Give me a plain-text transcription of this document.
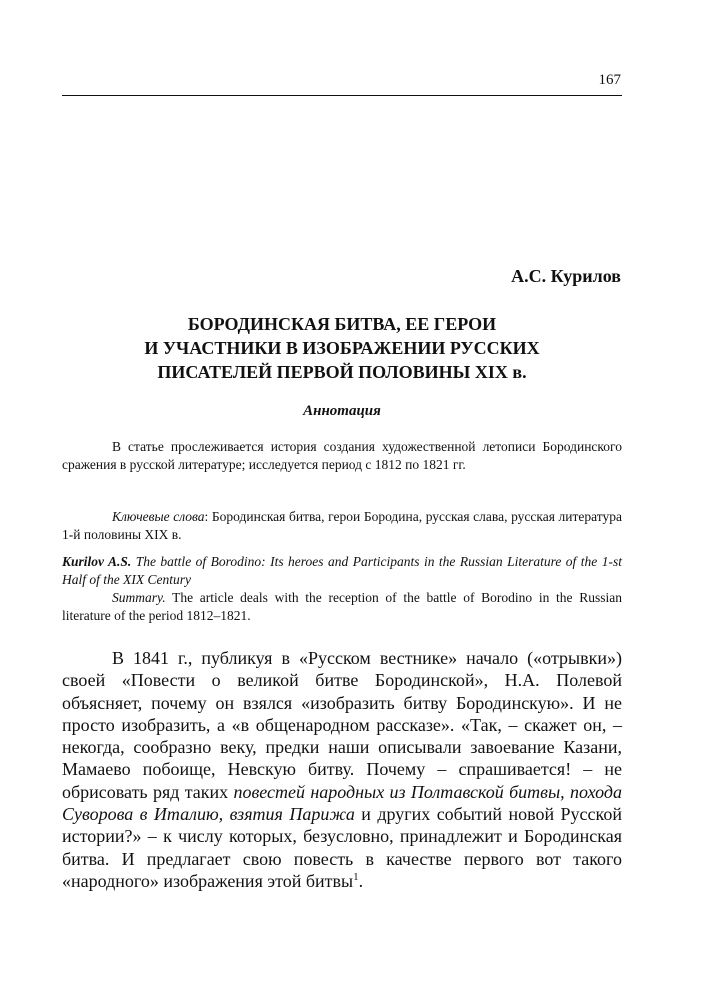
167
А.С. Курилов
БОРОДИНСКАЯ БИТВА, ЕЕ ГЕРОИ
И УЧАСТНИКИ В ИЗОБРАЖЕНИИ РУССКИХ
ПИСАТЕЛЕЙ ПЕРВОЙ ПОЛОВИНЫ XIX в.
Аннотация
В статье прослеживается история создания художественной летописи Бородинского сражения в русской литературе; исследуется период с 1812 по 1821 гг.
Ключевые слова: Бородинская битва, герои Бородина, русская слава, русская литература 1-й половины XIX в.
Kurilov A.S. The battle of Borodino: Its heroes and Participants in the Russian Literature of the 1-st Half of the XIX Century
Summary. The article deals with the reception of the battle of Borodino in the Russian literature of the period 1812–1821.

В 1841 г., публикуя в «Русском вестнике» начало («отрывки») своей «Повести о великой битве Бородинской», Н.А. Полевой объясняет, почему он взялся «изобразить битву Бородинскую». И не просто изобразить, а «в общенародном рассказе». «Так, – скажет он, – некогда, сообразно веку, предки наши описывали завоевание Казани, Мамаево побоище, Невскую битву. Почему – спрашивается! – не обрисовать ряд таких повестей народных из Полтавской битвы, похода Суворова в Италию, взятия Парижа и других событий новой Русской истории?» – к числу которых, безусловно, принадлежит и Бородинская битва. И предлагает свою повесть в качестве первого вот такого «народного» изображения этой битвы$^1$.
